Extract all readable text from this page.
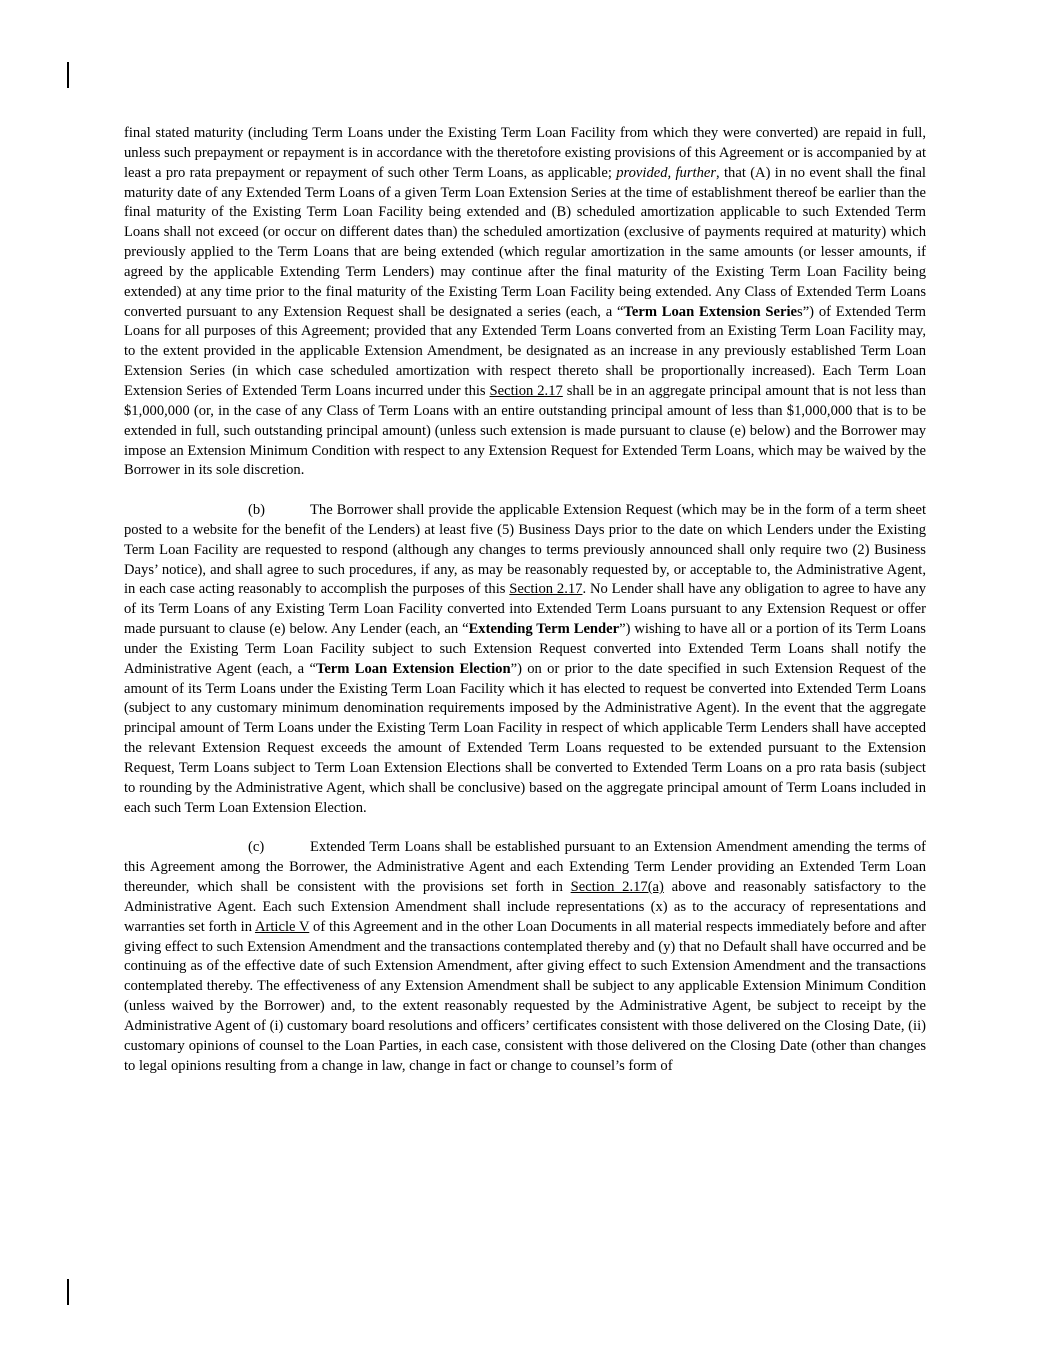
final stated maturity (including Term Loans under the Existing Term Loan Facility from which they were converted) are repaid in full, unless such prepayment or repayment is in accordance with the theretofore existing provisions of this Agreement or is accompanied by at least a pro rata prepayment or repayment of such other Term Loans, as applicable; provided, further, that (A) in no event shall the final maturity date of any Extended Term Loans of a given Term Loan Extension Series at the time of establishment thereof be earlier than the final maturity of the Existing Term Loan Facility being extended and (B) scheduled amortization applicable to such Extended Term Loans shall not exceed (or occur on different dates than) the scheduled amortization (exclusive of payments required at maturity) which previously applied to the Term Loans that are being extended (which regular amortization in the same amounts (or lesser amounts, if agreed by the applicable Extending Term Lenders) may continue after the final maturity of the Existing Term Loan Facility being extended) at any time prior to the final maturity of the Existing Term Loan Facility being extended. Any Class of Extended Term Loans converted pursuant to any Extension Request shall be designated a series (each, a “Term Loan Extension Series”) of Extended Term Loans for all purposes of this Agreement; provided that any Extended Term Loans converted from an Existing Term Loan Facility may, to the extent provided in the applicable Extension Amendment, be designated as an increase in any previously established Term Loan Extension Series (in which case scheduled amortization with respect thereto shall be proportionally increased). Each Term Loan Extension Series of Extended Term Loans incurred under this Section 2.17 shall be in an aggregate principal amount that is not less than $1,000,000 (or, in the case of any Class of Term Loans with an entire outstanding principal amount of less than $1,000,000 that is to be extended in full, such outstanding principal amount) (unless such extension is made pursuant to clause (e) below) and the Borrower may impose an Extension Minimum Condition with respect to any Extension Request for Extended Term Loans, which may be waived by the Borrower in its sole discretion.

(b)	The Borrower shall provide the applicable Extension Request (which may be in the form of a term sheet posted to a website for the benefit of the Lenders) at least five (5) Business Days prior to the date on which Lenders under the Existing Term Loan Facility are requested to respond (although any changes to terms previously announced shall only require two (2) Business Days’ notice), and shall agree to such procedures, if any, as may be reasonably requested by, or acceptable to, the Administrative Agent, in each case acting reasonably to accomplish the purposes of this Section 2.17. No Lender shall have any obligation to agree to have any of its Term Loans of any Existing Term Loan Facility converted into Extended Term Loans pursuant to any Extension Request or offer made pursuant to clause (e) below. Any Lender (each, an “Extending Term Lender”) wishing to have all or a portion of its Term Loans under the Existing Term Loan Facility subject to such Extension Request converted into Extended Term Loans shall notify the Administrative Agent (each, a “Term Loan Extension Election”) on or prior to the date specified in such Extension Request of the amount of its Term Loans under the Existing Term Loan Facility which it has elected to request be converted into Extended Term Loans (subject to any customary minimum denomination requirements imposed by the Administrative Agent). In the event that the aggregate principal amount of Term Loans under the Existing Term Loan Facility in respect of which applicable Term Lenders shall have accepted the relevant Extension Request exceeds the amount of Extended Term Loans requested to be extended pursuant to the Extension Request, Term Loans subject to Term Loan Extension Elections shall be converted to Extended Term Loans on a pro rata basis (subject to rounding by the Administrative Agent, which shall be conclusive) based on the aggregate principal amount of Term Loans included in each such Term Loan Extension Election.

(c)	Extended Term Loans shall be established pursuant to an Extension Amendment amending the terms of this Agreement among the Borrower, the Administrative Agent and each Extending Term Lender providing an Extended Term Loan thereunder, which shall be consistent with the provisions set forth in Section 2.17(a) above and reasonably satisfactory to the Administrative Agent. Each such Extension Amendment shall include representations (x) as to the accuracy of representations and warranties set forth in Article V of this Agreement and in the other Loan Documents in all material respects immediately before and after giving effect to such Extension Amendment and the transactions contemplated thereby and (y) that no Default shall have occurred and be continuing as of the effective date of such Extension Amendment, after giving effect to such Extension Amendment and the transactions contemplated thereby. The effectiveness of any Extension Amendment shall be subject to any applicable Extension Minimum Condition (unless waived by the Borrower) and, to the extent reasonably requested by the Administrative Agent, be subject to receipt by the Administrative Agent of (i) customary board resolutions and officers’ certificates consistent with those delivered on the Closing Date, (ii) customary opinions of counsel to the Loan Parties, in each case, consistent with those delivered on the Closing Date (other than changes to legal opinions resulting from a change in law, change in fact or change to counsel’s form of
